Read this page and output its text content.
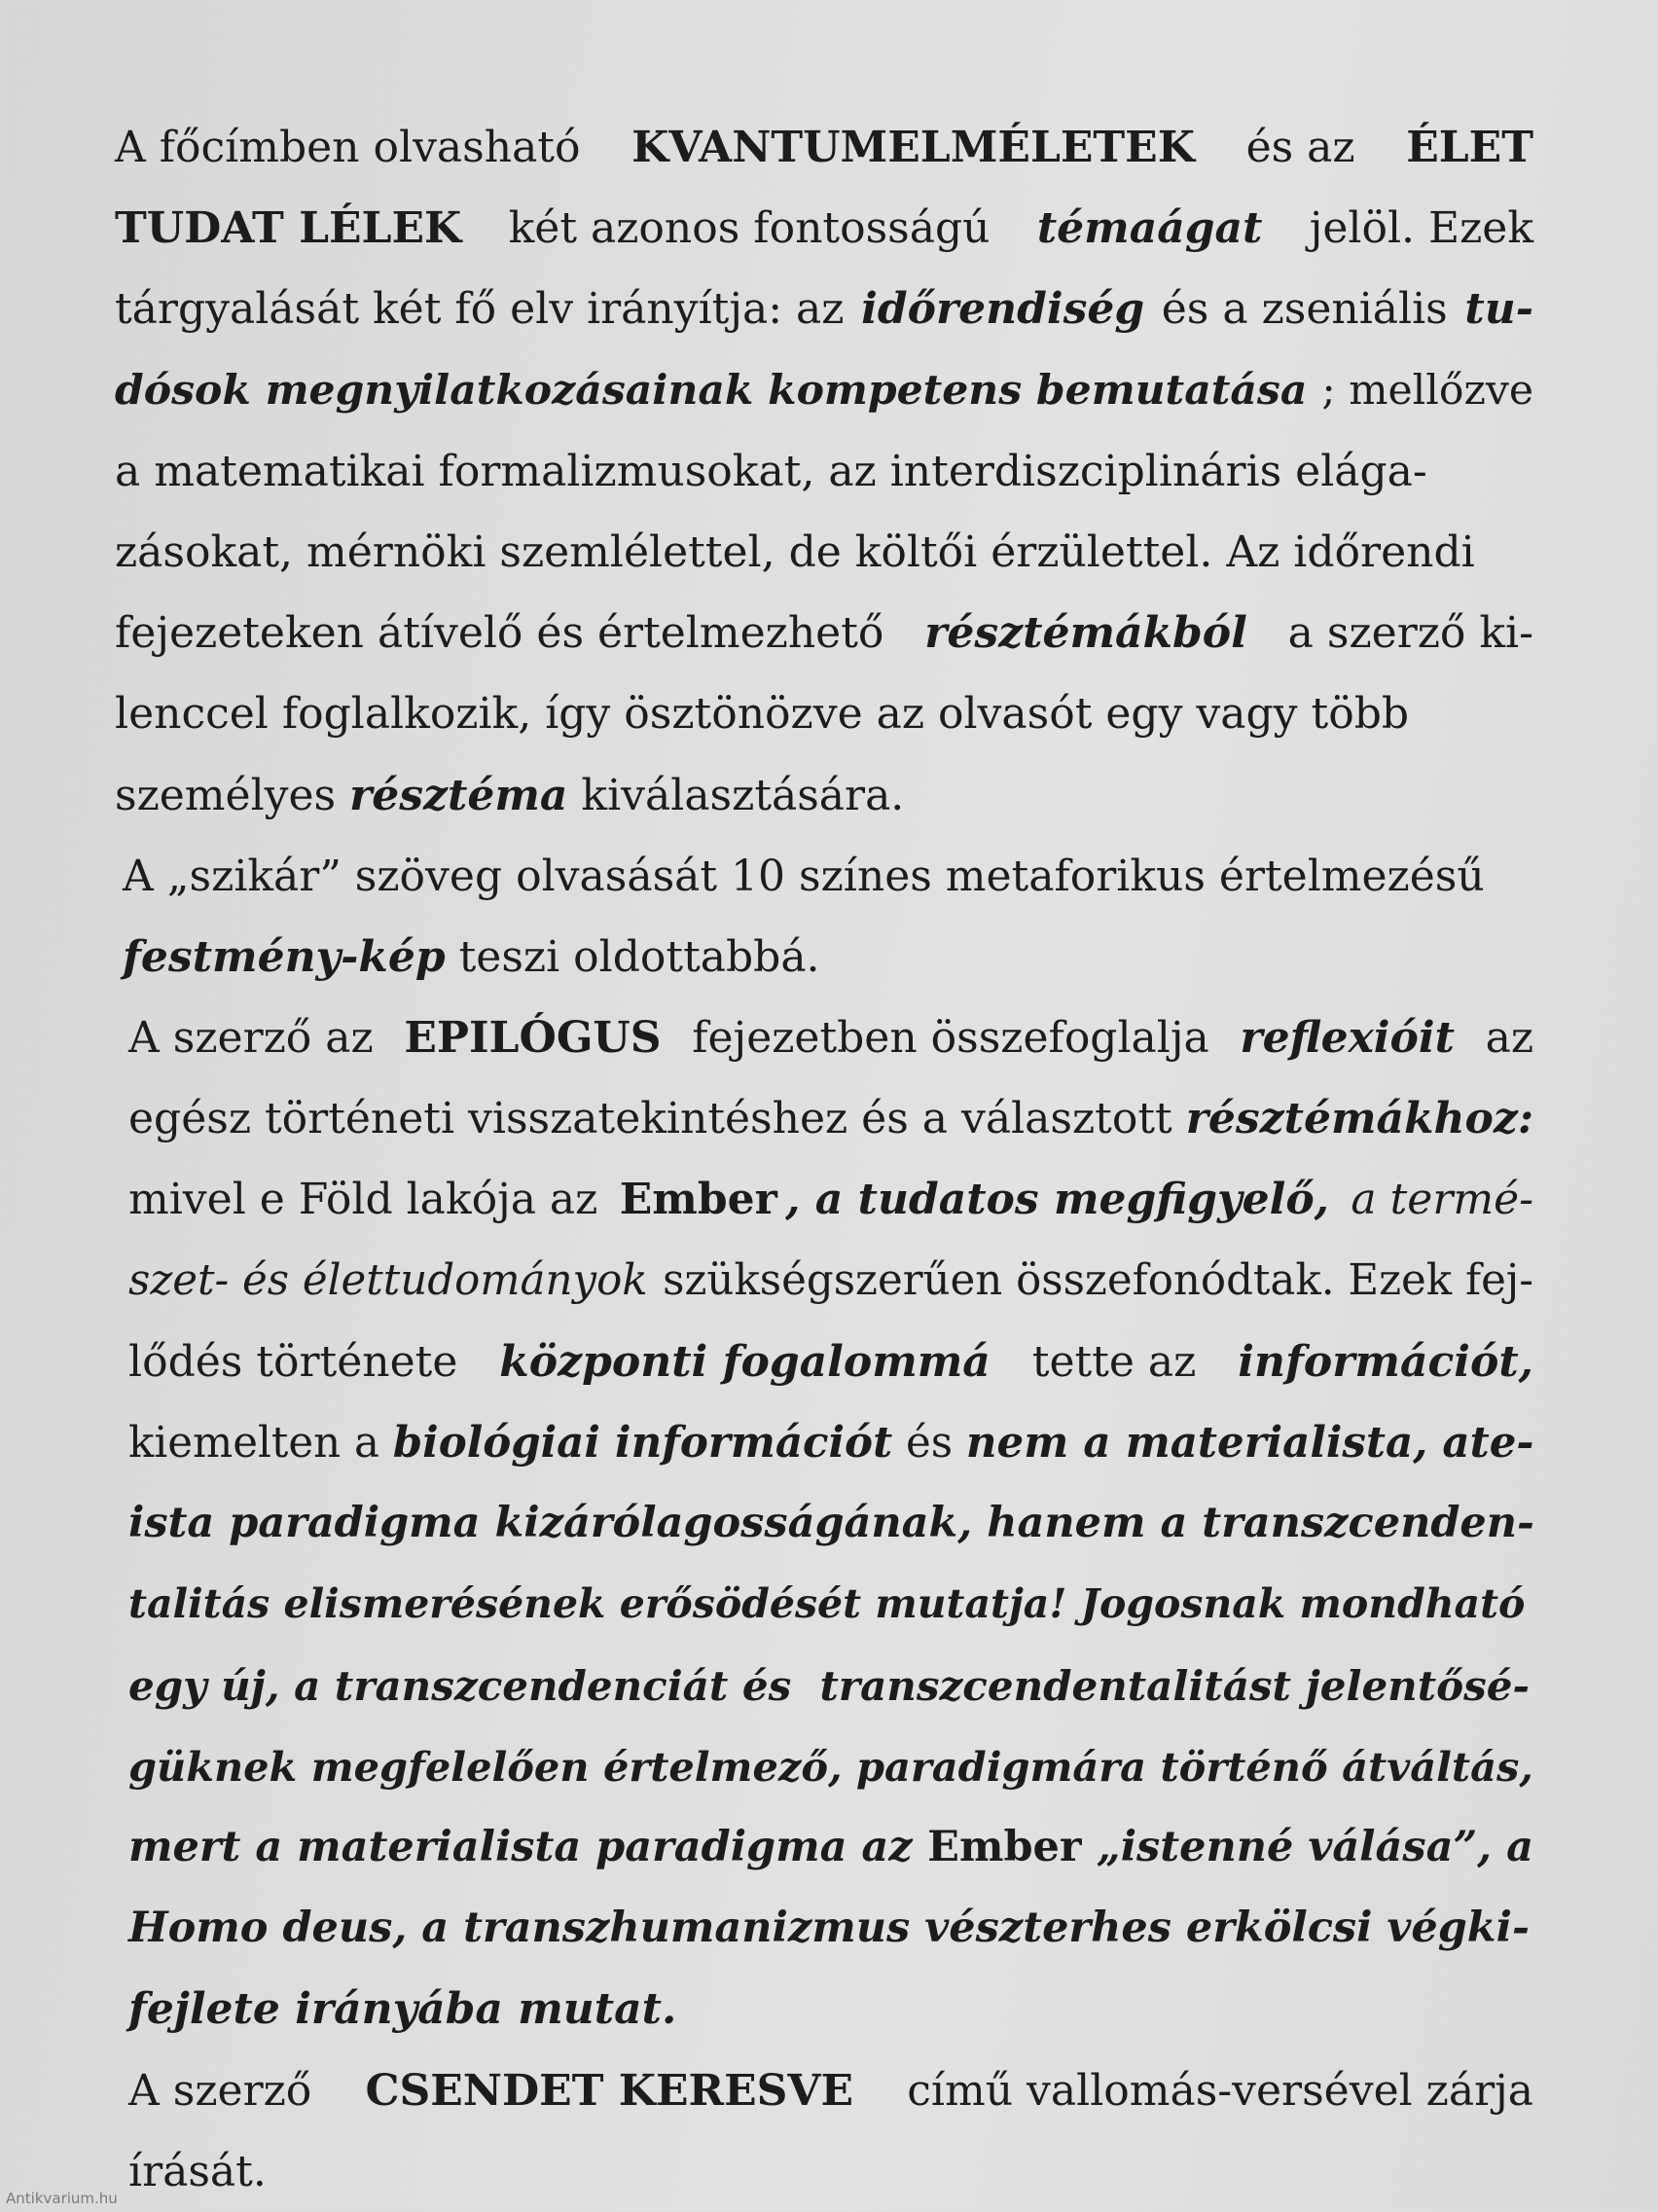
A főcímben olvasható KVANTUMELMÉLETEK és az ÉLET
TUDAT LÉLEK két azonos fontosságú témaágat jelöl. Ezek
tárgyalását két fő elv irányítja: az időrendiség és a zseniális tu-
dósok megnyilatkozásainak kompetens bemutatása ; mellőzve
a matematikai formalizmusokat, az interdiszciplináris elága-
zásokat, mérnöki szemlélettel, de költői érzülettel. Az időrendi
fejezeteken átívelő és értelmezhető résztémákból a szerző ki-
lenccel foglalkozik, így ösztönözve az olvasót egy vagy több
személyes résztéma kiválasztására.
A „szikár” szöveg olvasását 10 színes metaforikus értelmezésű
festmény-kép teszi oldottabbá.
A szerző az EPILÓGUS fejezetben összefoglalja reflexióit az
egész történeti visszatekintéshez és a választott résztémákhoz:
mivel e Föld lakója az Ember , a tudatos megfigyelő, a termé-
szet- és élettudományok szükségszerűen összefonódtak. Ezek fej-
lődés története központi fogalommá tette az információt,
kiemelten a biológiai információt és nem a materialista, ate-
ista paradigma kizárólagosságának, hanem a transzcenden-
talitás elismerésének erősödését mutatja! Jogosnak mondható
egy új, a transzcendenciát és  transzcendentalitást jelentősé-
güknek megfelelően értelmező, paradigmára történő átváltás,
mert a materialista paradigma az Ember „istenné válása”, a
Homo deus, a transzhumanizmus vészterhes erkölcsi végki-
fejlete irányába mutat.
A szerző CSENDET KERESVE című vallomás-versével zárja
írását.
Antikvarium.hu
